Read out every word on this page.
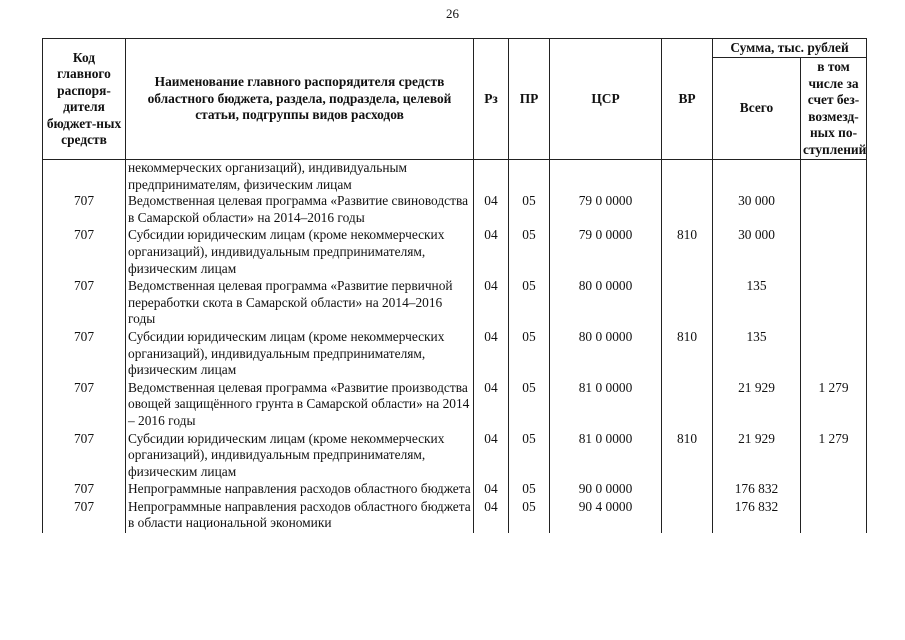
26
Код главного распоря-дителя бюджет-ных средств	Наименование главного распорядителя средств областного бюджета, раздела, подраздела, целевой статьи, подгруппы видов расходов	Рз	ПР	ЦСР	ВР	Сумма, тыс. рублей	
						Всего	в том числе за счет без-возмезд-ных по-ступлений
	некоммерческих организаций), индивидуальным предпринимателям, физическим лицам						
707	Ведомственная целевая программа «Развитие свиноводства в Самарской области» на 2014–2016 годы	04	05	79 0 0000		30 000	
707	Субсидии юридическим лицам (кроме некоммерческих организаций), индивидуальным предпринимателям, физическим лицам	04	05	79 0 0000	810	30 000	
707	Ведомственная целевая программа «Развитие первичной переработки скота в Самарской области» на 2014–2016 годы	04	05	80 0 0000		135	
707	Субсидии юридическим лицам (кроме некоммерческих организаций), индивидуальным предпринимателям, физическим лицам	04	05	80 0 0000	810	135	
707	Ведомственная целевая программа «Развитие производства овощей защищённого грунта в Самарской области» на 2014 – 2016 годы	04	05	81 0 0000		21 929	1 279
707	Субсидии юридическим лицам (кроме некоммерческих организаций), индивидуальным предпринимателям, физическим лицам	04	05	81 0 0000	810	21 929	1 279
707	Непрограммные направления расходов областного бюджета	04	05	90 0 0000		176 832	
707	Непрограммные направления расходов областного бюджета в области национальной экономики	04	05	90 4 0000		176 832	
